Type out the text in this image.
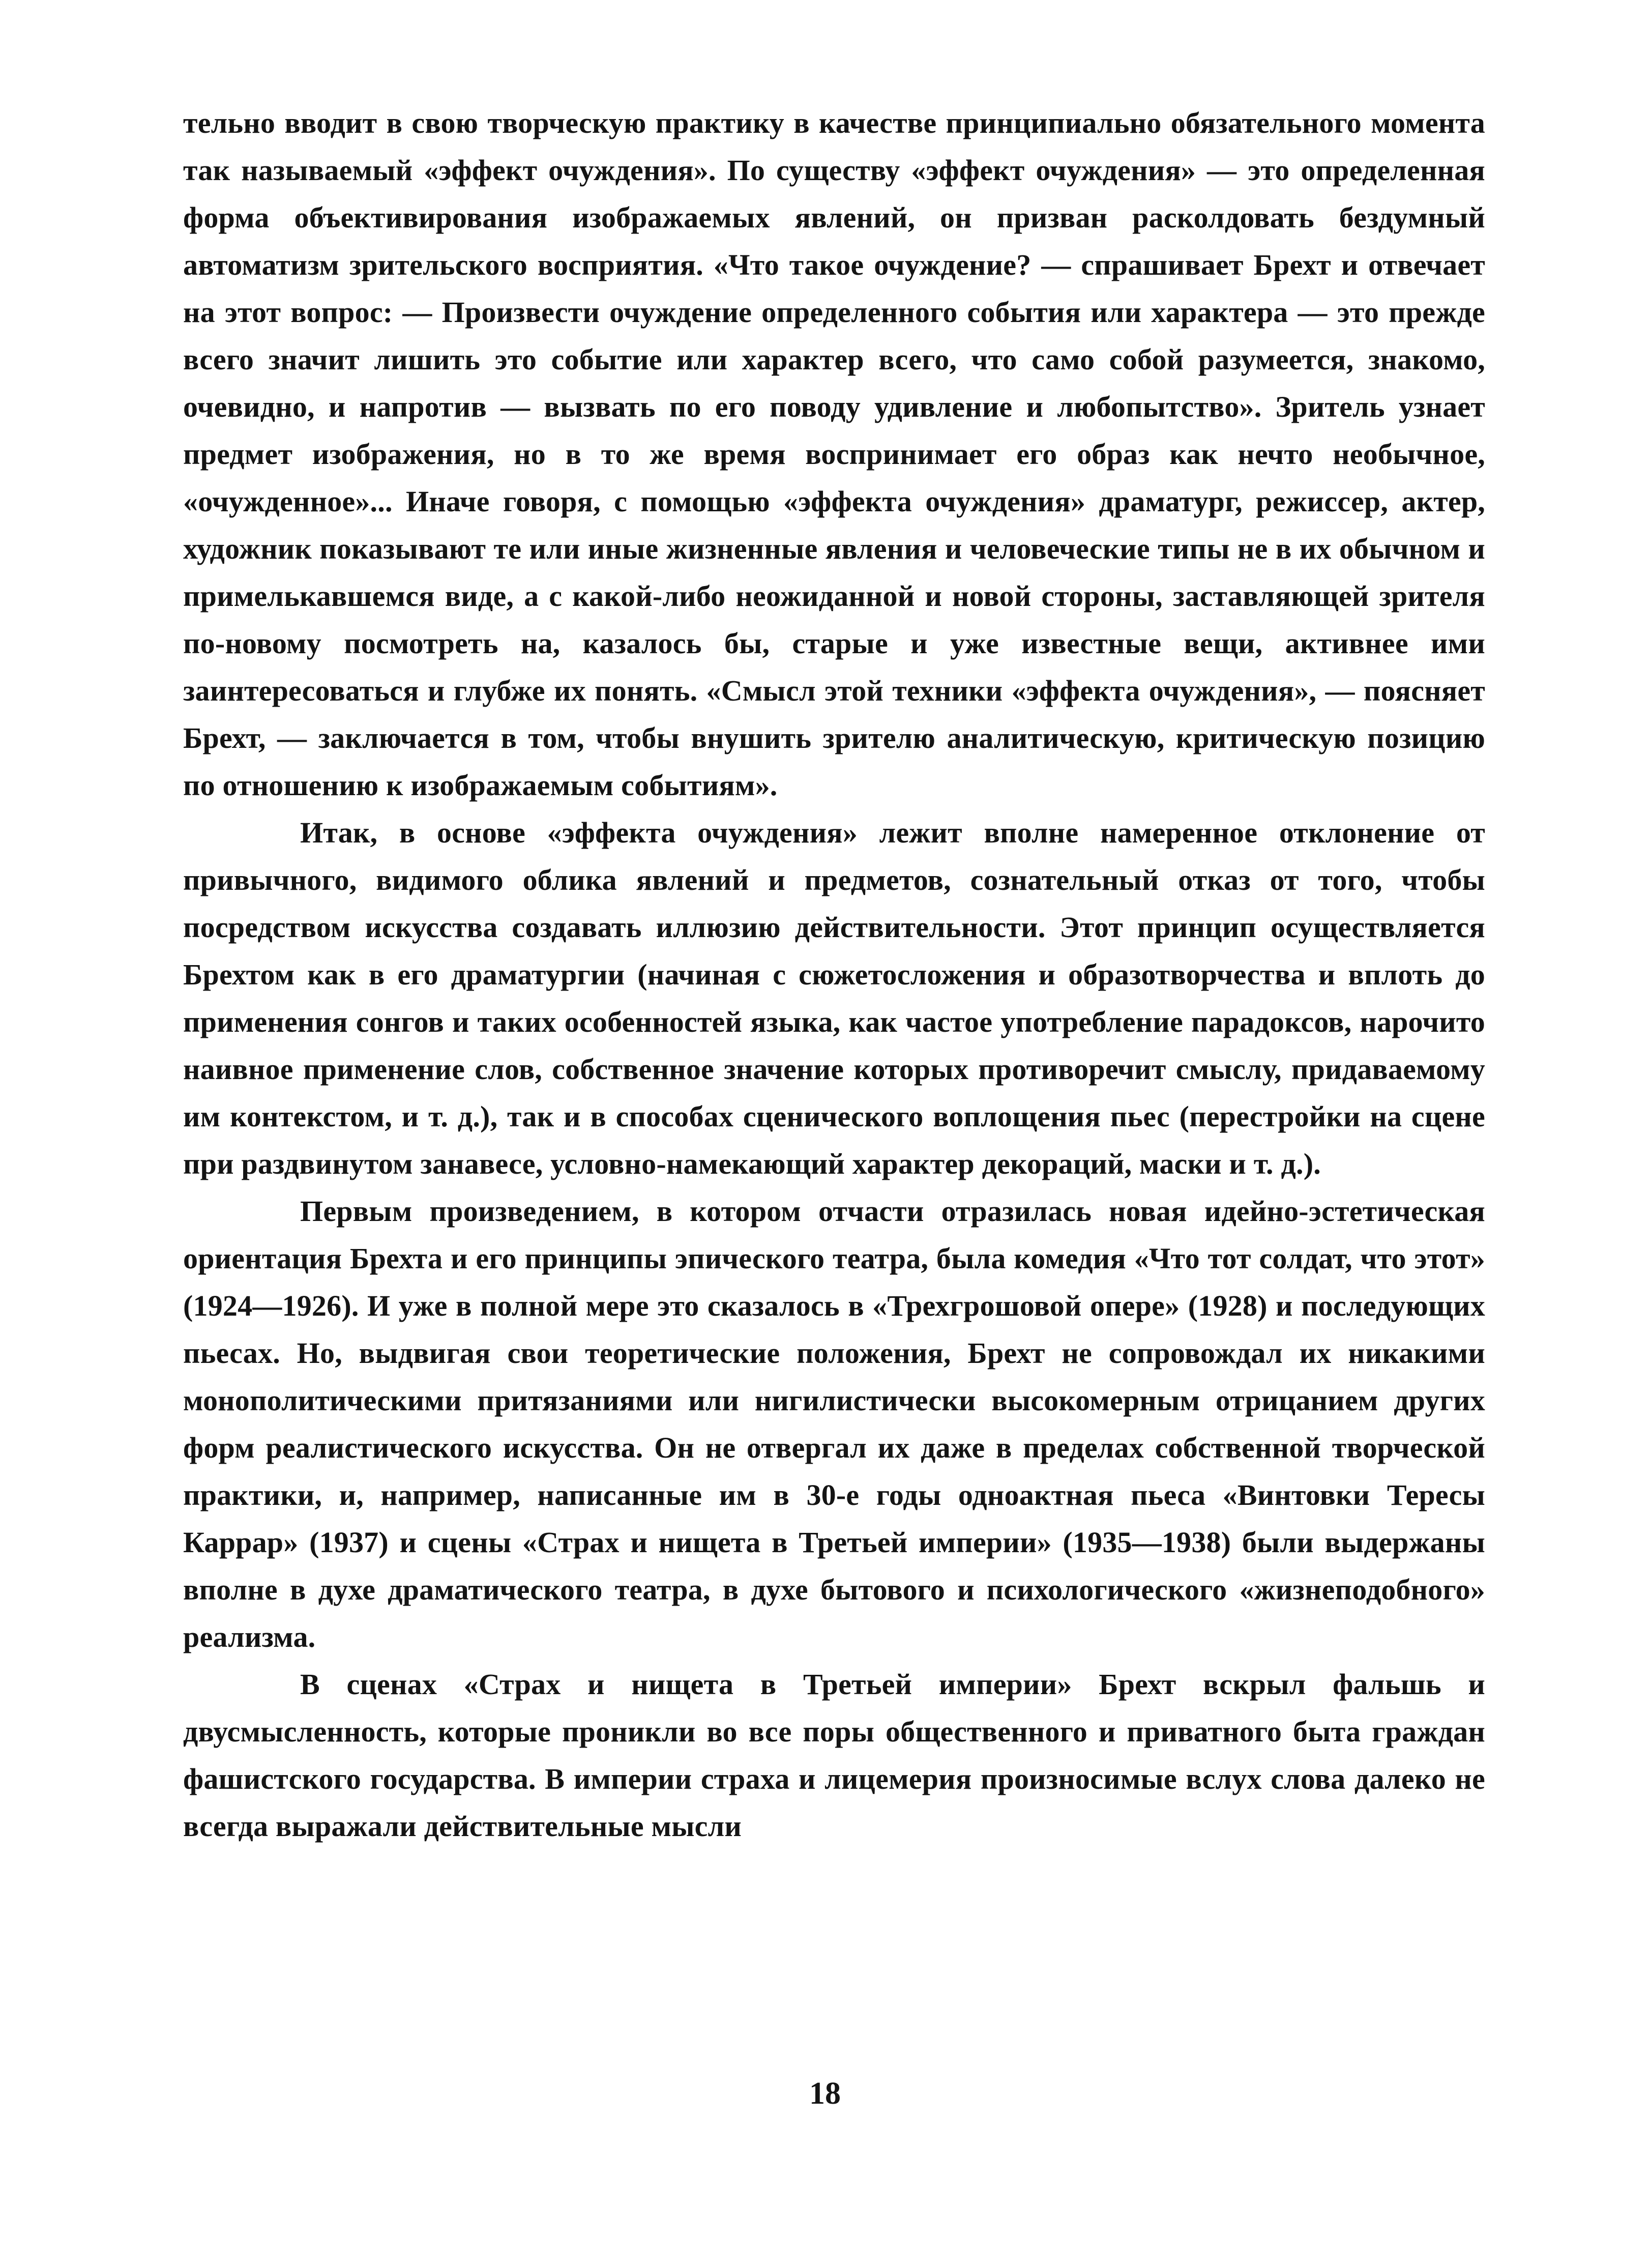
тельно вводит в свою творческую практику в качестве принципиально обязательного момента так называемый «эффект очуждения». По существу «эффект очуждения» — это определенная форма объективирования изображаемых явлений, он призван расколдовать бездумный автоматизм зрительского восприятия. «Что такое очуждение? — спрашивает Брехт и отвечает на этот вопрос: — Произвести очуждение определенного события или характера — это прежде всего значит лишить это событие или характер всего, что само собой разумеется, знакомо, очевидно, и напротив — вызвать по его поводу удивление и любопытство». Зритель узнает предмет изображения, но в то же время воспринимает его образ как нечто необычное, «очужденное»... Иначе говоря, с помощью «эффекта очуждения» драматург, режиссер, актер, художник показывают те или иные жизненные явления и человеческие типы не в их обычном и примелькавшемся виде, а с какой-либо неожиданной и новой стороны, заставляющей зрителя по-новому посмотреть на, казалось бы, старые и уже известные вещи, активнее ими заинтересоваться и глубже их понять. «Смысл этой техники «эффекта очуждения», — поясняет Брехт, — заключается в том, чтобы внушить зрителю аналитическую, критическую позицию по отношению к изображаемым событиям».

Итак, в основе «эффекта очуждения» лежит вполне намеренное отклонение от привычного, видимого облика явлений и предметов, сознательный отказ от того, чтобы посредством искусства создавать иллюзию действительности. Этот принцип осуществляется Брехтом как в его драматургии (начиная с сюжетосложения и образотворчества и вплоть до применения сонгов и таких особенностей языка, как частое употребление парадоксов, нарочито наивное применение слов, собственное значение которых противоречит смыслу, придаваемому им контекстом, и т. д.), так и в способах сценического воплощения пьес (перестройки на сцене при раздвинутом занавесе, условно-намекающий характер декораций, маски и т. д.).

Первым произведением, в котором отчасти отразилась новая идейно-эстетическая ориентация Брехта и его принципы эпического театра, была комедия «Что тот солдат, что этот» (1924—1926). И уже в полной мере это сказалось в «Трехгрошовой опере» (1928) и последующих пьесах. Но, выдвигая свои теоретические положения, Брехт не сопровождал их никакими монополитическими притязаниями или нигилистически высокомерным отрицанием других форм реалистического искусства. Он не отвергал их даже в пределах собственной творческой практики, и, например, написанные им в 30-е годы одноактная пьеса «Винтовки Тересы Каррар» (1937) и сцены «Страх и нищета в Третьей империи» (1935—1938) были выдержаны вполне в духе драматического театра, в духе бытового и психологического «жизнеподобного» реализма.

В сценах «Страх и нищета в Третьей империи» Брехт вскрыл фальшь и двусмысленность, которые проникли во все поры общественного и приватного быта граждан фашистского государства. В империи страха и лицемерия произносимые вслух слова далеко не всегда выражали действительные мысли

18
